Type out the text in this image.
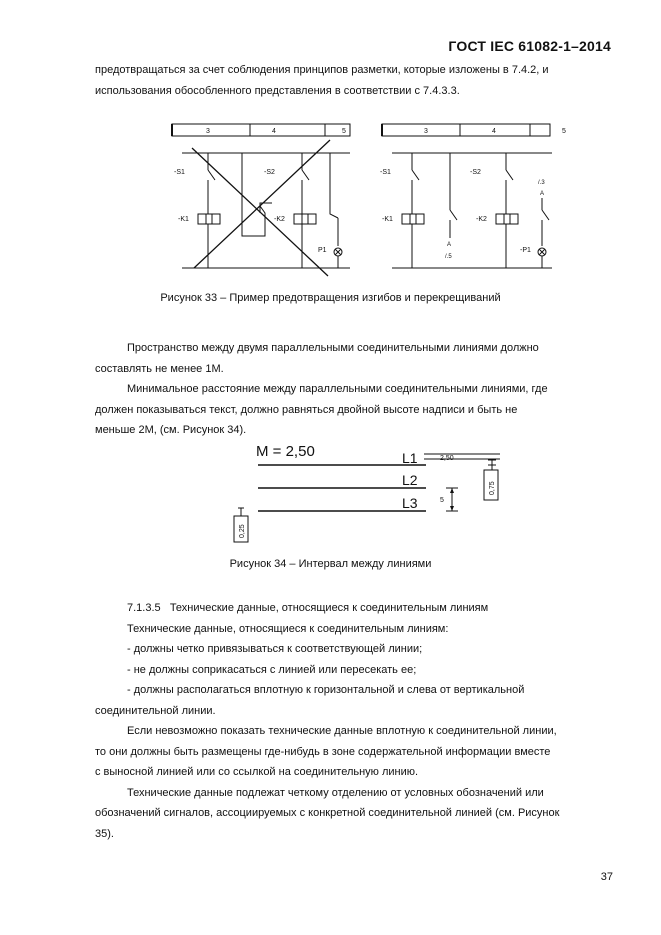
ГОСТ IEC 61082-1–2014

предотвращаться за счет соблюдения принципов разметки, которые изложены в 7.4.2, и

использования обособленного представления в соответствии с 7.4.3.3.

3	4	5
-S1	-S2
-K1	-K2
P1
3	4	5
-S1
-K1
A
/.5
-S2
-K2
/.3
A
-P1
Рисунок 33 – Пример предотвращения изгибов и перекрещиваний

Пространство между двумя параллельными соединительными линиями должно

составлять не менее 1М.

Минимальное расстояние между параллельными соединительными линиями, где

должен показываться текст, должно равняться двойной высоте надписи и быть не

меньше 2М, (см. Рисунок 34).

M = 2,50	L1
L2
L3
2,50
0,75
5
0,25
Рисунок 34 – Интервал между линиями

7.1.3.5 Технические данные, относящиеся к соединительным линиям

Технические данные, относящиеся к соединительным линиям:

- должны четко привязываться к соответствующей линии;

- не должны соприкасаться с линией или пересекать ее;

- должны располагаться вплотную к горизонтальной и слева от вертикальной

соединительной линии.

Если невозможно показать технические данные вплотную к соединительной линии,

то они должны быть размещены где-нибудь в зоне содержательной информации вместе

с выносной линией или со ссылкой на соединительную линию.

Технические данные подлежат четкому отделению от условных обозначений или

обозначений сигналов, ассоциируемых с конкретной соединительной линией (см. Рисунок

35).

37
